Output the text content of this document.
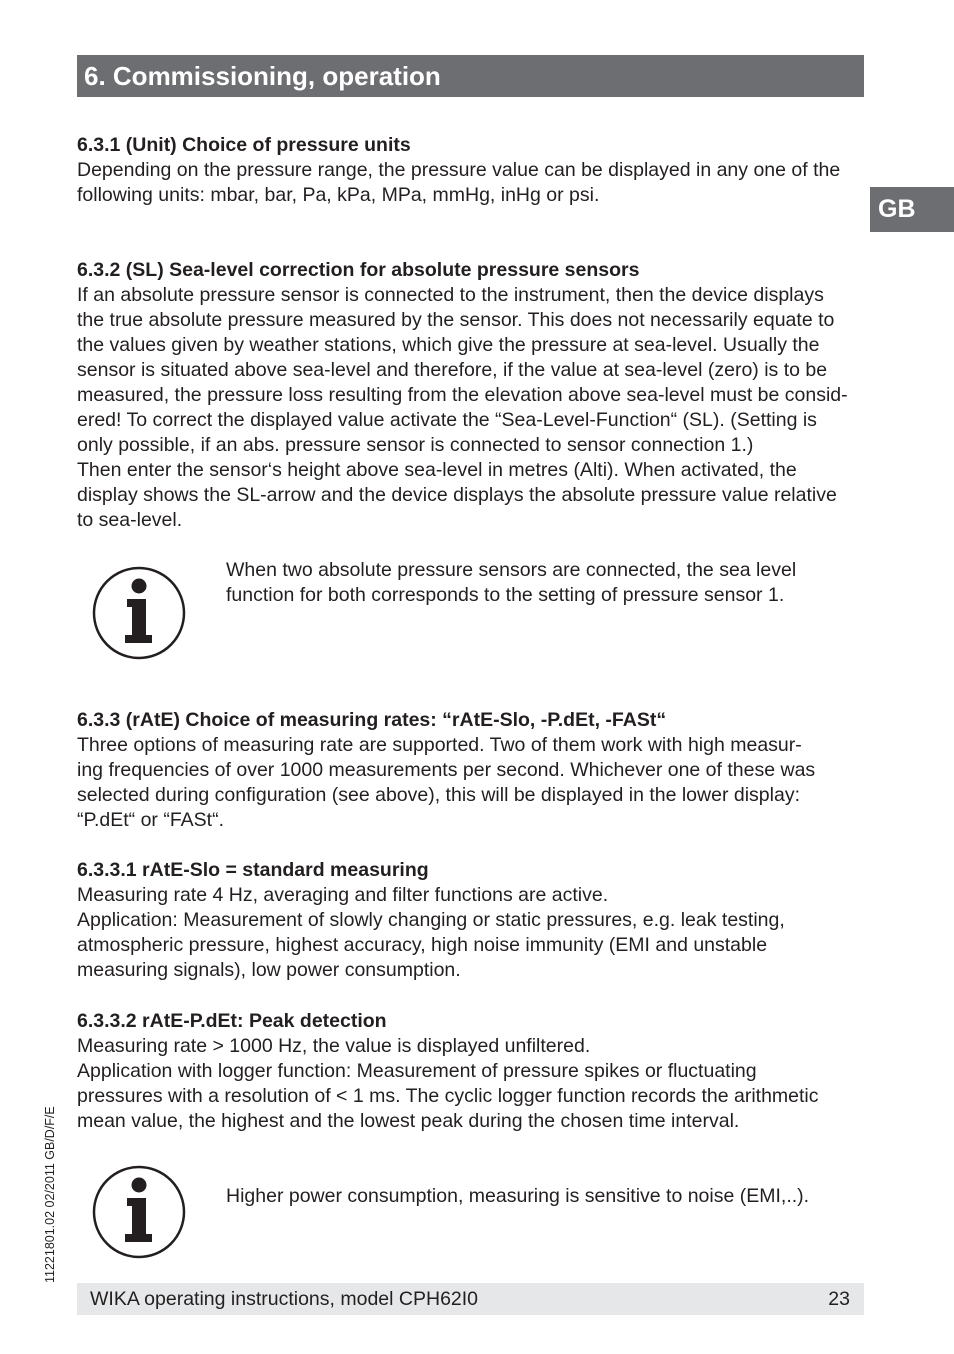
6. Commissioning, operation
GB

6.3.1 (Unit) Choice of pressure units

Depending on the pressure range, the pressure value can be displayed in any one of the
following units: mbar, bar, Pa, kPa, MPa, mmHg, inHg or psi.

6.3.2 (SL) Sea-level correction for absolute pressure sensors

If an absolute pressure sensor is connected to the instrument, then the device displays
the true absolute pressure measured by the sensor. This does not necessarily equate to
the values given by weather stations, which give the pressure at sea-level. Usually the
sensor is situated above sea-level and therefore, if the value at sea-level (zero) is to be
measured, the pressure loss resulting from the elevation above sea-level must be consid-
ered! To correct the displayed value activate the “Sea-Level-Function“ (SL). (Setting is
only possible, if an abs. pressure sensor is connected to sensor connection 1.)
Then enter the sensor‘s height above sea-level in metres (Alti). When activated, the
display shows the SL-arrow and the device displays the absolute pressure value relative
to sea-level.

When two absolute pressure sensors are connected, the sea level
function for both corresponds to the setting of pressure sensor 1.

6.3.3 (rAtE) Choice of measuring rates: “rAtE-Slo, -P.dEt, -FASt“

Three options of measuring rate are supported. Two of them work with high measur-
ing frequencies of over 1000 measurements per second. Whichever one of these was
selected during configuration (see above), this will be displayed in the lower display:
“P.dEt“ or “FASt“.

6.3.3.1 rAtE-Slo = standard measuring

Measuring rate 4 Hz, averaging and filter functions are active.
Application: Measurement of slowly changing or static pressures, e.g. leak testing,
atmospheric pressure, highest accuracy, high noise immunity (EMI and unstable
measuring signals), low power consumption.

6.3.3.2 rAtE-P.dEt: Peak detection

Measuring rate > 1000 Hz, the value is displayed unfiltered.
Application with logger function: Measurement of pressure spikes or fluctuating
pressures with a resolution of < 1 ms. The cyclic logger function records the arithmetic
mean value, the highest and the lowest peak during the chosen time interval.

Higher power consumption, measuring is sensitive to noise (EMI,..).

11221801.02 02/2011 GB/D/F/E
WIKA operating instructions, model CPH62I0	23
